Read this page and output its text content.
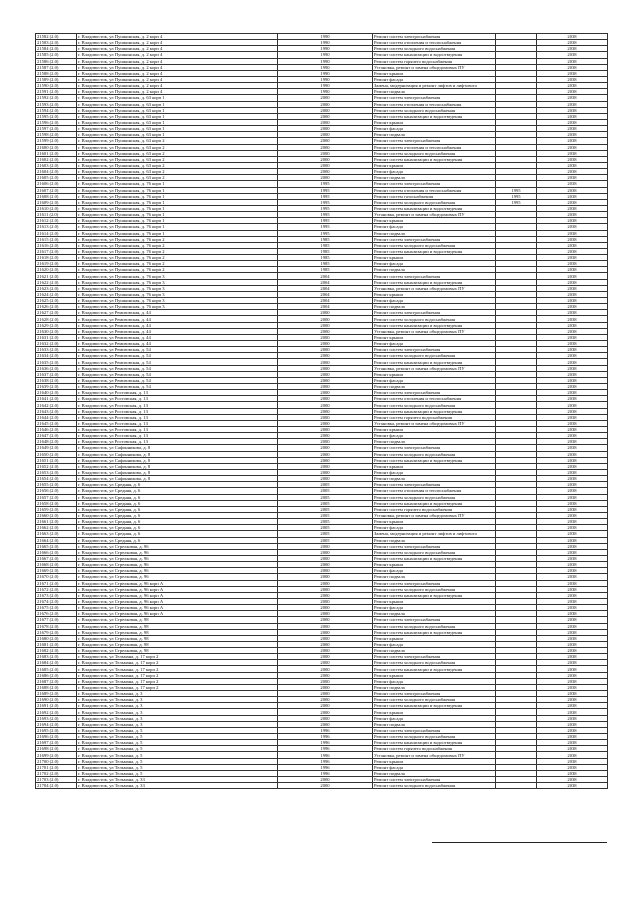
21582 (2.0)	г. Владивосток, ул Пушкинская, д. 2 корп 4	1990	Ремонт систем электроснабжения		2038	
21583 (2.0)	г. Владивосток, ул Пушкинская, д. 2 корп 4	1990	Ремонт систем отопления и теплоснабжения		2038	
21584 (2.0)	г. Владивосток, ул Пушкинская, д. 2 корп 4	1990	Ремонт систем холодного водоснабжения		2038	
21585 (2.0)	г. Владивосток, ул Пушкинская, д. 2 корп 4	1990	Ремонт систем канализации и водоотведения		2038	
21586 (2.0)	г. Владивосток, ул Пушкинская, д. 2 корп 4	1990	Ремонт систем горячего водоснабжения		2038	
21587 (2.0)	г. Владивосток, ул Пушкинская, д. 2 корп 4	1990	Установка, ремонт и замена общедомовых ПУ		2038	
21588 (2.0)	г. Владивосток, ул Пушкинская, д. 2 корп 4	1990	Ремонт крыши		2038	
21589 (2.0)	г. Владивосток, ул Пушкинская, д. 2 корп 4	1990	Ремонт фасада		2038	
21590 (2.0)	г. Владивосток, ул Пушкинская, д. 2 корп 4	1990	Замена, модернизация и ремонт лифтов и лифтового		2038	
21591 (2.0)	г. Владивосток, ул Пушкинская, д. 2 корп 4	1990	Ремонт подвала		2038	
21592 (2.0)	г. Владивосток, ул Пушкинская, д. 63 корп 1	2000	Ремонт систем электроснабжения		2038	
21593 (2.0)	г. Владивосток, ул Пушкинская, д. 63 корп 1	2000	Ремонт систем отопления и теплоснабжения		2038	
21594 (2.0)	г. Владивосток, ул Пушкинская, д. 63 корп 1	2000	Ремонт систем холодного водоснабжения		2038	
21595 (2.0)	г. Владивосток, ул Пушкинская, д. 63 корп 1	2000	Ремонт систем канализации и водоотведения		2038	
21596 (2.0)	г. Владивосток, ул Пушкинская, д. 63 корп 1	2000	Ремонт крыши		2038	
21597 (2.0)	г. Владивосток, ул Пушкинская, д. 63 корп 1	2000	Ремонт фасада		2038	
21598 (2.0)	г. Владивосток, ул Пушкинская, д. 63 корп 1	2000	Ремонт подвала		2038	
21599 (2.0)	г. Владивосток, ул Пушкинская, д. 63 корп 2	2000	Ремонт систем электроснабжения		2038	
21600 (2.0)	г. Владивосток, ул Пушкинская, д. 63 корп 2	2000	Ремонт систем отопления и теплоснабжения		2038	
21601 (2.0)	г. Владивосток, ул Пушкинская, д. 63 корп 2	2000	Ремонт систем холодного водоснабжения		2038	
21602 (2.0)	г. Владивосток, ул Пушкинская, д. 63 корп 2	2000	Ремонт систем канализации и водоотведения		2038	
21603 (2.0)	г. Владивосток, ул Пушкинская, д. 63 корп 2	2000	Ремонт крыши		2038	
21604 (2.0)	г. Владивосток, ул Пушкинская, д. 63 корп 2	2000	Ремонт фасада		2038	
21605 (2.0)	г. Владивосток, ул Пушкинская, д. 63 корп 2	2000	Ремонт подвала		2038	
21606 (2.0)	г. Владивосток, ул Пушкинская, д. 76 корп 1	1995	Ремонт систем электроснабжения		2038	
21607 (2.0)	г. Владивосток, ул Пушкинская, д. 76 корп 1	1995	Ремонт систем отопления и теплоснабжения	1995	2038	
21608 (2.0)	г. Владивосток, ул Пушкинская, д. 76 корп 1	1995	Ремонт систем газоснабжения	1995	2038	
21609 (2.0)	г. Владивосток, ул Пушкинская, д. 76 корп 1	1995	Ремонт систем холодного водоснабжения	1995	2038	
21610 (2.0)	г. Владивосток, ул Пушкинская, д. 76 корп 1	1995	Ремонт систем канализации и водоотведения		2038	
21611 (2.0)	г. Владивосток, ул Пушкинская, д. 76 корп 1	1995	Установка, ремонт и замена общедомовых ПУ		2038	
21612 (2.0)	г. Владивосток, ул Пушкинская, д. 76 корп 1	1995	Ремонт крыши		2038	
21613 (2.0)	г. Владивосток, ул Пушкинская, д. 76 корп 1	1995	Ремонт фасада		2038	
21614 (2.0)	г. Владивосток, ул Пушкинская, д. 76 корп 1	1995	Ремонт подвала		2038	
21615 (2.0)	г. Владивосток, ул Пушкинская, д. 76 корп 2	1985	Ремонт систем электроснабжения		2038	
21616 (2.0)	г. Владивосток, ул Пушкинская, д. 76 корп 2	1985	Ремонт систем холодного водоснабжения		2038	
21617 (2.0)	г. Владивосток, ул Пушкинская, д. 76 корп 2	1985	Ремонт систем канализации и водоотведения		2038	
21618 (2.0)	г. Владивосток, ул Пушкинская, д. 76 корп 2	1985	Ремонт крыши		2038	
21619 (2.0)	г. Владивосток, ул Пушкинская, д. 76 корп 2	1985	Ремонт фасада		2038	
21620 (2.0)	г. Владивосток, ул Пушкинская, д. 76 корп 2	1985	Ремонт подвала		2038	
21621 (2.0)	г. Владивосток, ул Пушкинская, д. 76 корп 3	2004	Ремонт систем электроснабжения		2038	
21622 (2.0)	г. Владивосток, ул Пушкинская, д. 76 корп 3	2004	Ремонт систем канализации и водоотведения		2038	
21623 (2.0)	г. Владивосток, ул Пушкинская, д. 76 корп 3	2004	Установка, ремонт и замена общедомовых ПУ		2038	
21624 (2.0)	г. Владивосток, ул Пушкинская, д. 76 корп 3	2004	Ремонт крыши		2038	
21625 (2.0)	г. Владивосток, ул Пушкинская, д. 76 корп 3	2004	Ремонт фасада		2038	
21626 (2.0)	г. Владивосток, ул Пушкинская, д. 76 корп 3	2004	Ремонт подвала		2038	
21627 (2.0)	г. Владивосток, ул Ремизовская, д. 44	2000	Ремонт систем электроснабжения		2038	
21628 (2.0)	г. Владивосток, ул Ремизовская, д. 44	2000	Ремонт систем холодного водоснабжения		2038	
21629 (2.0)	г. Владивосток, ул Ремизовская, д. 44	2000	Ремонт систем канализации и водоотведения		2038	
21630 (2.0)	г. Владивосток, ул Ремизовская, д. 44	2000	Установка, ремонт и замена общедомовых ПУ		2038	
21631 (2.0)	г. Владивосток, ул Ремизовская, д. 44	2000	Ремонт крыши		2038	
21632 (2.0)	г. Владивосток, ул Ремизовская, д. 44	2000	Ремонт фасада		2038	
21633 (2.0)	г. Владивосток, ул Ремизовская, д. 54	2000	Ремонт систем электроснабжения		2038	
21634 (2.0)	г. Владивосток, ул Ремизовская, д. 54	2000	Ремонт систем холодного водоснабжения		2038	
21635 (2.0)	г. Владивосток, ул Ремизовская, д. 54	2000	Ремонт систем канализации и водоотведения		2038	
21636 (2.0)	г. Владивосток, ул Ремизовская, д. 54	2000	Установка, ремонт и замена общедомовых ПУ		2038	
21637 (2.0)	г. Владивосток, ул Ремизовская, д. 54	2000	Ремонт крыши		2038	
21638 (2.0)	г. Владивосток, ул Ремизовская, д. 54	2000	Ремонт фасада		2038	
21639 (2.0)	г. Владивосток, ул Ремизовская, д. 54	2000	Ремонт подвала		2038	
21640 (2.0)	г. Владивосток, ул Ростовская, д. 13	2000	Ремонт систем электроснабжения		2038	
21641 (2.0)	г. Владивосток, ул Ростовская, д. 13	2000	Ремонт систем отопления и теплоснабжения		2038	
21642 (2.0)	г. Владивосток, ул Ростовская, д. 13	2000	Ремонт систем холодного водоснабжения		2038	
21643 (2.0)	г. Владивосток, ул Ростовская, д. 13	2000	Ремонт систем канализации и водоотведения		2038	
21644 (2.0)	г. Владивосток, ул Ростовская, д. 13	2000	Ремонт систем горячего водоснабжения		2038	
21645 (2.0)	г. Владивосток, ул Ростовская, д. 13	2000	Установка, ремонт и замена общедомовых ПУ		2038	
21646 (2.0)	г. Владивосток, ул Ростовская, д. 13	2000	Ремонт крыши		2038	
21647 (2.0)	г. Владивосток, ул Ростовская, д. 13	2000	Ремонт фасада		2038	
21648 (2.0)	г. Владивосток, ул Ростовская, д. 13	2000	Ремонт подвала		2038	
21649 (2.0)	г. Владивосток, ул Сафонникова, д. 8	2000	Ремонт систем электроснабжения		2038	
21650 (2.0)	г. Владивосток, ул Сафонникова, д. 8	2000	Ремонт систем холодного водоснабжения		2038	
21651 (2.0)	г. Владивосток, ул Сафонникова, д. 8	2000	Ремонт систем канализации и водоотведения		2038	
21652 (2.0)	г. Владивосток, ул Сафонникова, д. 8	2000	Ремонт крыши		2038	
21653 (2.0)	г. Владивосток, ул Сафонникова, д. 8	2000	Ремонт фасада		2038	
21654 (2.0)	г. Владивосток, ул Сафонникова, д. 8	2000	Ремонт подвала		2038	
21655 (2.0)	г. Владивосток, ул Средняя, д. 6	2005	Ремонт систем электроснабжения		2038	
21656 (2.0)	г. Владивосток, ул Средняя, д. 6	2005	Ремонт систем отопления и теплоснабжения		2038	
21657 (2.0)	г. Владивосток, ул Средняя, д. 6	2005	Ремонт систем холодного водоснабжения		2038	
21658 (2.0)	г. Владивосток, ул Средняя, д. 6	2005	Ремонт систем канализации и водоотведения		2038	
21659 (2.0)	г. Владивосток, ул Средняя, д. 6	2005	Ремонт систем горячего водоснабжения		2038	
21660 (2.0)	г. Владивосток, ул Средняя, д. 6	2005	Установка, ремонт и замена общедомовых ПУ		2038	
21661 (2.0)	г. Владивосток, ул Средняя, д. 6	2005	Ремонт крыши		2038	
21662 (2.0)	г. Владивосток, ул Средняя, д. 6	2005	Ремонт фасада		2038	
21663 (2.0)	г. Владивосток, ул Средняя, д. 6	2005	Замена, модернизация и ремонт лифтов и лифтового		2038	
21664 (2.0)	г. Владивосток, ул Средняя, д. 6	2005	Ремонт подвала		2038	
21665 (2.0)	г. Владивосток, ул Стрелковая, д. 96	2000	Ремонт систем электроснабжения		2038	
21666 (2.0)	г. Владивосток, ул Стрелковая, д. 96	2000	Ремонт систем холодного водоснабжения		2038	
21667 (2.0)	г. Владивосток, ул Стрелковая, д. 96	2000	Ремонт систем канализации и водоотведения		2038	
21668 (2.0)	г. Владивосток, ул Стрелковая, д. 96	2000	Ремонт крыши		2038	
21669 (2.0)	г. Владивосток, ул Стрелковая, д. 96	2000	Ремонт фасада		2038	
21670 (2.0)	г. Владивосток, ул Стрелковая, д. 96	2000	Ремонт подвала		2038	
21671 (2.0)	г. Владивосток, ул Стрелковая, д. 96 корп А	2000	Ремонт систем электроснабжения		2038	
21672 (2.0)	г. Владивосток, ул Стрелковая, д. 96 корп А	2000	Ремонт систем холодного водоснабжения		2038	
21673 (2.0)	г. Владивосток, ул Стрелковая, д. 96 корп А	2000	Ремонт систем канализации и водоотведения		2038	
21674 (2.0)	г. Владивосток, ул Стрелковая, д. 96 корп А	2000	Ремонт крыши		2038	
21675 (2.0)	г. Владивосток, ул Стрелковая, д. 96 корп А	2000	Ремонт фасада		2038	
21676 (2.0)	г. Владивосток, ул Стрелковая, д. 96 корп А	2000	Ремонт подвала		2038	
21677 (2.0)	г. Владивосток, ул Стрелковая, д. 98	2000	Ремонт систем электроснабжения		2038	
21678 (2.0)	г. Владивосток, ул Стрелковая, д. 98	2000	Ремонт систем холодного водоснабжения		2038	
21679 (2.0)	г. Владивосток, ул Стрелковая, д. 98	2000	Ремонт систем канализации и водоотведения		2038	
21680 (2.0)	г. Владивосток, ул Стрелковая, д. 98	2000	Ремонт крыши		2038	
21681 (2.0)	г. Владивосток, ул Стрелковая, д. 98	2000	Ремонт фасада		2038	
21682 (2.0)	г. Владивосток, ул Стрелковая, д. 98	2000	Ремонт подвала		2038	
21683 (2.0)	г. Владивосток, ул Тельмана, д. 17 корп 2	2000	Ремонт систем электроснабжения		2038	
21684 (2.0)	г. Владивосток, ул Тельмана, д. 17 корп 2	2000	Ремонт систем холодного водоснабжения		2038	
21685 (2.0)	г. Владивосток, ул Тельмана, д. 17 корп 2	2000	Ремонт систем канализации и водоотведения		2038	
21686 (2.0)	г. Владивосток, ул Тельмана, д. 17 корп 2	2000	Ремонт крыши		2038	
21687 (2.0)	г. Владивосток, ул Тельмана, д. 17 корп 2	2000	Ремонт фасада		2038	
21688 (2.0)	г. Владивосток, ул Тельмана, д. 17 корп 2	2000	Ремонт подвала		2038	
21689 (2.0)	г. Владивосток, ул Тельмана, д. 3	2000	Ремонт систем электроснабжения		2038	
21690 (2.0)	г. Владивосток, ул Тельмана, д. 3	2000	Ремонт систем холодного водоснабжения		2038	
21691 (2.0)	г. Владивосток, ул Тельмана, д. 3	2000	Ремонт систем канализации и водоотведения		2038	
21692 (2.0)	г. Владивосток, ул Тельмана, д. 3	2000	Ремонт крыши		2038	
21693 (2.0)	г. Владивосток, ул Тельмана, д. 3	2000	Ремонт фасада		2038	
21694 (2.0)	г. Владивосток, ул Тельмана, д. 3	2000	Ремонт подвала		2038	
21695 (2.0)	г. Владивосток, ул Тельмана, д. 5	1996	Ремонт систем электроснабжения		2038	
21696 (2.0)	г. Владивосток, ул Тельмана, д. 5	1996	Ремонт систем холодного водоснабжения		2038	
21697 (2.0)	г. Владивосток, ул Тельмана, д. 5	1996	Ремонт систем канализации и водоотведения		2038	
21698 (2.0)	г. Владивосток, ул Тельмана, д. 5	1996	Ремонт систем горячего водоснабжения		2038	
21699 (2.0)	г. Владивосток, ул Тельмана, д. 5	1996	Установка, ремонт и замена общедомовых ПУ		2038	
21700 (2.0)	г. Владивосток, ул Тельмана, д. 5	1996	Ремонт крыши		2038	
21701 (2.0)	г. Владивосток, ул Тельмана, д. 5	1996	Ремонт фасада		2038	
21702 (2.0)	г. Владивосток, ул Тельмана, д. 5	1996	Ремонт подвала		2038	
21703 (2.0)	г. Владивосток, ул Тельмана, д. 33	2000	Ремонт систем электроснабжения		2038	
21704 (2.0)	г. Владивосток, ул Тельмана, д. 33	2000	Ремонт систем холодного водоснабжения		2038	
